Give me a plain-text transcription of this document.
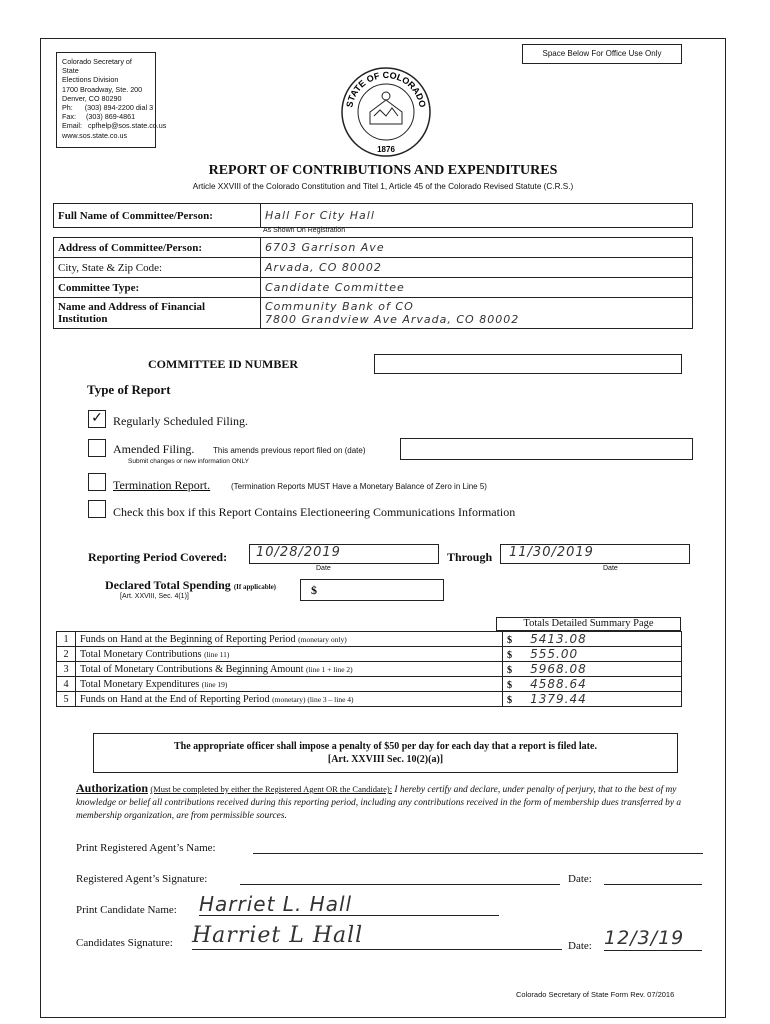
Space Below For Office Use Only
Colorado Secretary of State
Elections Division
1700 Broadway, Ste. 200
Denver, CO 80290
Ph:      (303) 894-2200 dial 3
Fax:     (303) 869-4861
Email:   cpfhelp@sos.state.co.us
www.sos.state.co.us
STATE OF COLORADO
1876
REPORT OF CONTRIBUTIONS AND EXPENDITURES
Article XXVIII of the Colorado Constitution and Titel 1, Article 45 of the Colorado Revised Statute (C.R.S.)
Full Name of Committee/Person:	Hall For City Hall
As Shown On Registration
Address of Committee/Person:	6703 Garrison Ave
City, State & Zip Code:	Arvada, CO 80002
Committee Type:	Candidate Committee
Name and Address of Financial Institution	Community Bank of CO
7800 Grandview Ave Arvada, CO 80002
COMMITTEE ID NUMBER
Type of Report
✓ Regularly Scheduled Filing.
Amended Filing. This amends previous report filed on (date)
Submit changes or new information ONLY
Termination Report.	(Termination Reports MUST Have a Monetary Balance of Zero in Line 5)
Check this box if this Report Contains Electioneering Communications Information
Reporting Period Covered:	10/28/2019
Date
Through	11/30/2019
Date
Declared Total Spending (If applicable)
[Art. XXVIII, Sec. 4(1)]	$
Totals Detailed Summary Page
1	Funds on Hand at the Beginning of Reporting Period (monetary only)	$ 5413.08
2	Total Monetary Contributions (line 11)	$ 555.00
3	Total of Monetary Contributions & Beginning Amount (line 1 + line 2)	$ 5968.08
4	Total Monetary Expenditures (line 19)	$ 4588.64
5	Funds on Hand at the End of Reporting Period (monetary) (line 3 – line 4)	$ 1379.44
The appropriate officer shall impose a penalty of $50 per day for each day that a report is filed late.
[Art. XXVIII Sec. 10(2)(a)]
Authorization (Must be completed by either the Registered Agent OR the Candidate): I hereby certify and declare, under penalty of perjury, that to the best of my knowledge or belief all contributions received during this reporting period, including any contributions received in the form of membership dues transferred by a membership organization, are from permissible sources.
Print Registered Agent’s Name:
Registered Agent’s Signature:	Date:
Print Candidate Name: Harriet L. Hall
Candidates Signature: Harriet L Hall	Date: 12/3/19
Colorado Secretary of State Form Rev. 07/2016
